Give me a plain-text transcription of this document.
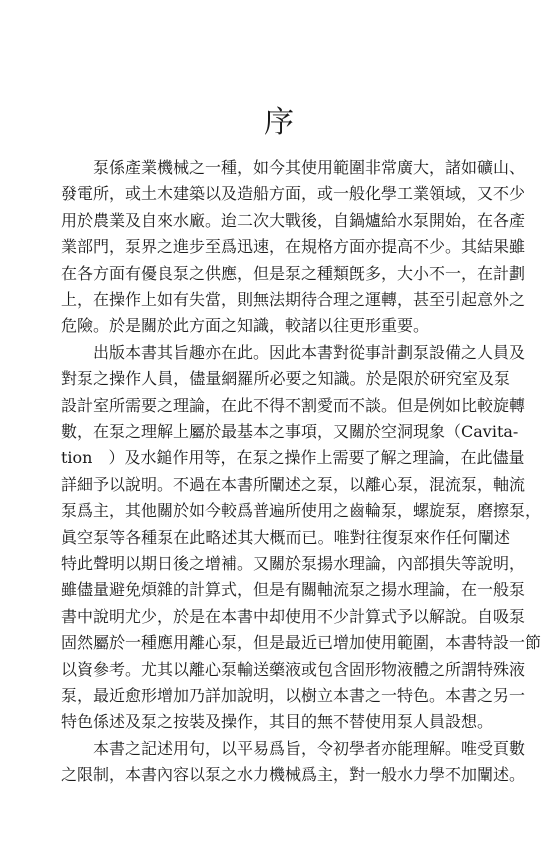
序
泵係產業機械之一種，如今其使用範圍非常廣大，諸如礦山、
發電所，或土木建築以及造船方面，或一般化學工業領域，又不少
用於農業及自來水廠。迨二次大戰後，自鍋爐給水泵開始，在各產
業部門，泵界之進步至爲迅速，在規格方面亦提高不少。其結果雖
在各方面有優良泵之供應，但是泵之種類旣多，大小不一，在計劃
上，在操作上如有失當，則無法期待合理之運轉，甚至引起意外之
危險。於是關於此方面之知識，較諸以往更形重要。
出版本書其旨趣亦在此。因此本書對從事計劃泵設備之人員及
對泵之操作人員，儘量網羅所必要之知識。於是限於研究室及泵
設計室所需要之理論，在此不得不割愛而不談。但是例如比較旋轉
數，在泵之理解上屬於最基本之事項，又關於空洞現象（Cavita-
tion　）及水鎚作用等，在泵之操作上需要了解之理論，在此儘量
詳細予以說明。不過在本書所闡述之泵，以離心泵，混流泵，軸流
泵爲主，其他關於如今較爲普遍所使用之齒輪泵，螺旋泵，磨擦泵，
眞空泵等各種泵在此略述其大概而已。唯對往復泵來作任何闡述
特此聲明以期日後之增補。又關於泵揚水理論，內部損失等說明，
雖儘量避免煩雜的計算式，但是有關軸流泵之揚水理論，在一般泵
書中說明尤少，於是在本書中却使用不少計算式予以解說。自吸泵
固然屬於一種應用離心泵，但是最近已增加使用範圍，本書特設一節
以資參考。尤其以離心泵輸送藥液或包含固形物液體之所謂特殊液
泵，最近愈形增加乃詳加說明，以樹立本書之一特色。本書之另一
特色係述及泵之按裝及操作，其目的無不替使用泵人員設想。
本書之記述用句，以平易爲旨，令初學者亦能理解。唯受頁數
之限制，本書內容以泵之水力機械爲主，對一般水力學不加闡述。
